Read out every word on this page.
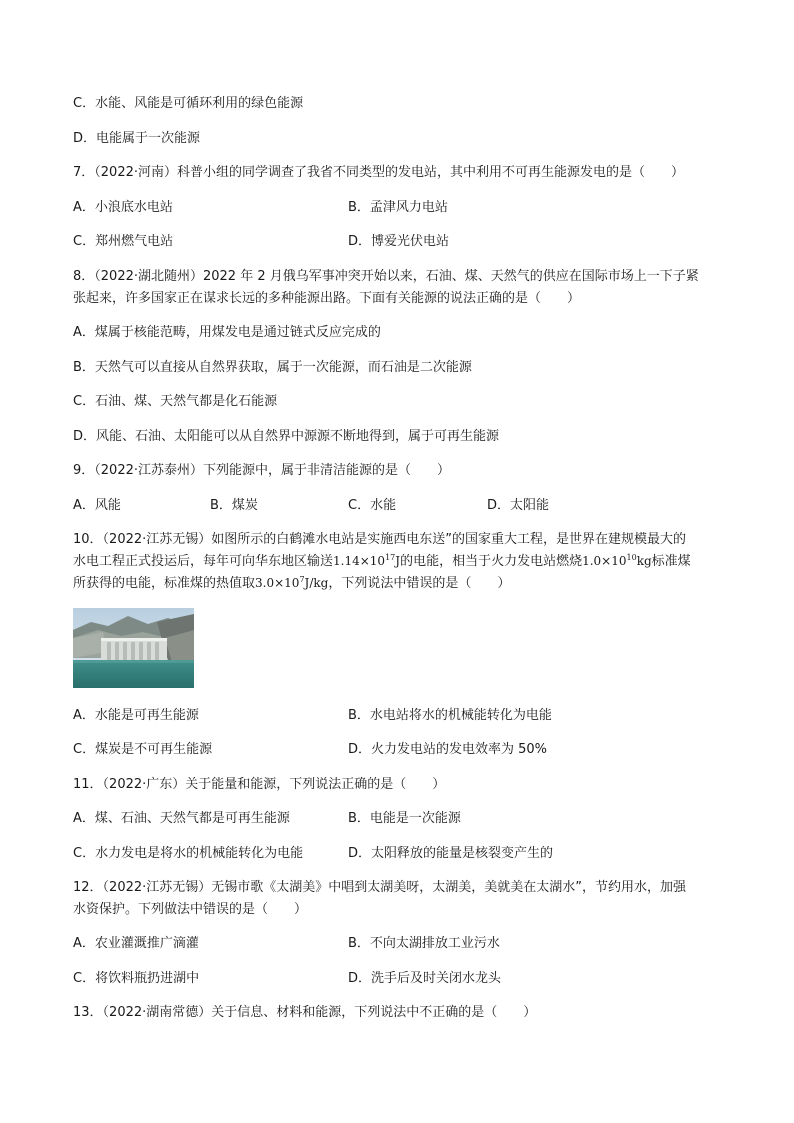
C．水能、风能是可循环利用的绿色能源
D．电能属于一次能源
7．（2022·河南）科普小组的同学调查了我省不同类型的发电站，其中利用不可再生能源发电的是（　　）
A．小浪底水电站	B．孟津风力电站
C．郑州燃气电站	D．博爱光伏电站
8．（2022·湖北随州）2022 年 2 月俄乌军事冲突开始以来，石油、煤、天然气的供应在国际市场上一下子紧
张起来，许多国家正在谋求长远的多种能源出路。下面有关能源的说法正确的是（　　）
A．煤属于核能范畴，用煤发电是通过链式反应完成的
B．天然气可以直接从自然界获取，属于一次能源，而石油是二次能源
C．石油、煤、天然气都是化石能源
D．风能、石油、太阳能可以从自然界中源源不断地得到，属于可再生能源
9．（2022·江苏泰州）下列能源中，属于非清洁能源的是（　　）
A．风能	B．煤炭	C．水能	D．太阳能
10．（2022·江苏无锡）如图所示的白鹤滩水电站是实施西电东送”的国家重大工程，是世界在建规模最大的
水电工程正式投运后，每年可向华东地区输送$1.14\times 10^{17}J$的电能，相当于火力发电站燃烧$1.0\times 10^{10}kg$标准煤
所获得的电能，标准煤的热值取$3.0\times 10^7J/kg$，下列说法中错误的是（　　）
A．水能是可再生能源	B．水电站将水的机械能转化为电能
C．煤炭是不可再生能源	D．火力发电站的发电效率为 50%
11．（2022·广东）关于能量和能源，下列说法正确的是（　　）
A．煤、石油、天然气都是可再生能源	B．电能是一次能源
C．水力发电是将水的机械能转化为电能	D．太阳释放的能量是核裂变产生的
12．（2022·江苏无锡）无锡市歌《太湖美》中唱到太湖美呀，太湖美，美就美在太湖水”，节约用水，加强
水资保护。下列做法中错误的是（　　）
A．农业灌溉推广滴灌	B．不向太湖排放工业污水
C．将饮料瓶扔进湖中	D．洗手后及时关闭水龙头
13．（2022·湖南常德）关于信息、材料和能源，下列说法中不正确的是（　　）
